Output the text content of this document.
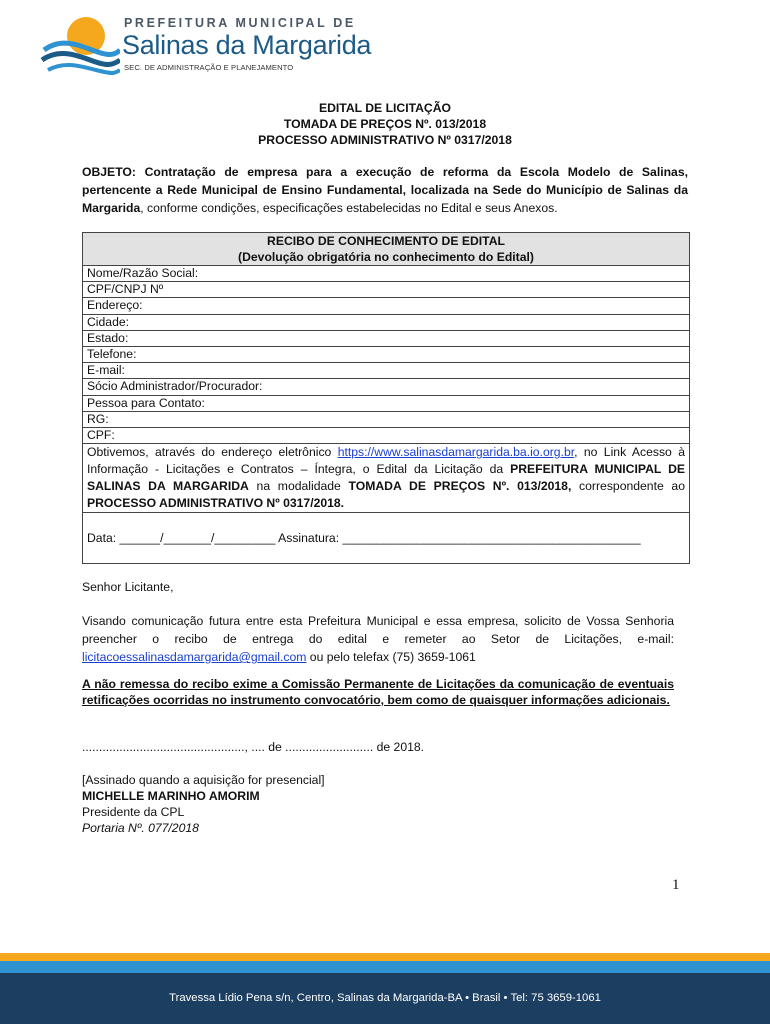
PREFEITURA MUNICIPAL DE
Salinas da Margarida
SEC. DE ADMINISTRAÇÃO E PLANEJAMENTO
EDITAL DE LICITAÇÃO
TOMADA DE PREÇOS Nº. 013/2018
PROCESSO ADMINISTRATIVO Nº 0317/2018
OBJETO: Contratação de empresa para a execução de reforma da Escola Modelo de Salinas, pertencente a Rede Municipal de Ensino Fundamental, localizada na Sede do Município de Salinas da Margarida, conforme condições, especificações estabelecidas no Edital e seus Anexos.
RECIBO DE CONHECIMENTO DE EDITAL
(Devolução obrigatória no conhecimento do Edital)

Nome/Razão Social:
CPF/CNPJ Nº
Endereço:
Cidade:
Estado:
Telefone:
E-mail:
Sócio Administrador/Procurador:
Pessoa para Contato:
RG:
CPF:
Obtivemos, através do endereço eletrônico https://www.salinasdamargarida.ba.io.org.br, no Link Acesso à Informação - Licitações e Contratos – Íntegra, o Edital da Licitação da PREFEITURA MUNICIPAL DE SALINAS DA MARGARIDA na modalidade TOMADA DE PREÇOS Nº. 013/2018, correspondente ao PROCESSO ADMINISTRATIVO Nº 0317/2018.
Data: ______/_______/_________ Assinatura: ____________________________________________
Senhor Licitante,
Visando comunicação futura entre esta Prefeitura Municipal e essa empresa, solicito de Vossa Senhoria preencher o recibo de entrega do edital e remeter ao Setor de Licitações, e-mail: licitacoessalinasdamargarida@gmail.com ou pelo telefax (75) 3659-1061
A não remessa do recibo exime a Comissão Permanente de Licitações da comunicação de eventuais retificações ocorridas no instrumento convocatório, bem como de quaisquer informações adicionais.
................................................, .... de .......................... de 2018.
[Assinado quando a aquisição for presencial]
MICHELLE MARINHO AMORIM
Presidente da CPL
Portaria Nº. 077/2018
1
Travessa Lídio Pena s/n, Centro, Salinas da Margarida-BA • Brasil • Tel: 75 3659-1061
